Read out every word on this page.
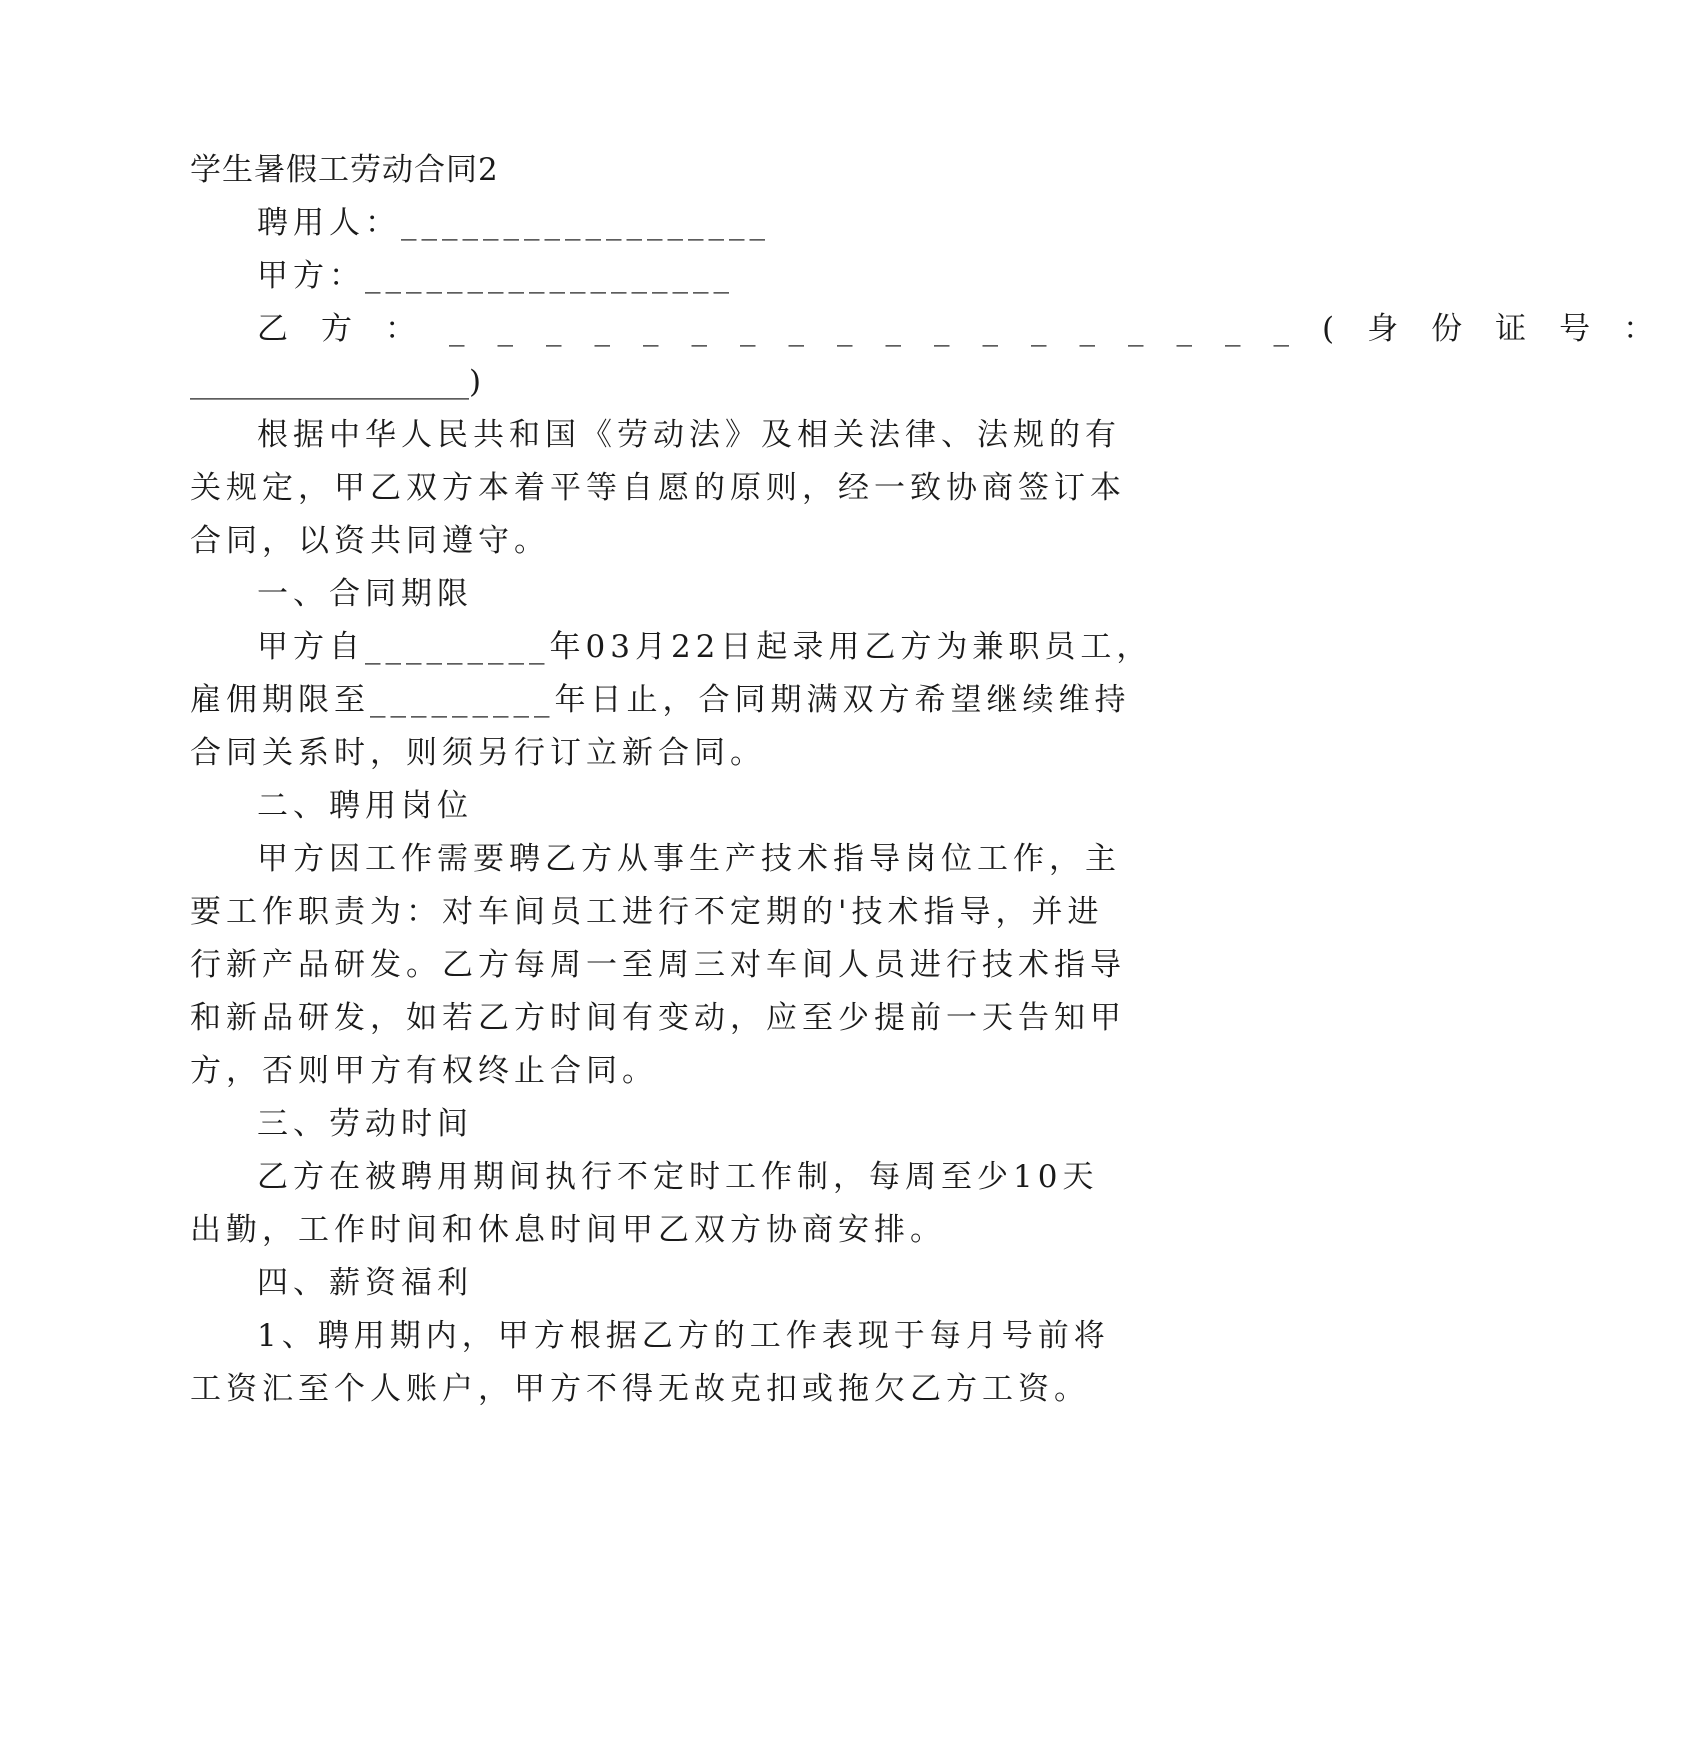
学生暑假工劳动合同2
聘用人：__________________
甲方：__________________
乙方：__________________(身份证号：
__________________)
根据中华人民共和国《劳动法》及相关法律、法规的有
关规定，甲乙双方本着平等自愿的原则，经一致协商签订本
合同，以资共同遵守。
一、合同期限
甲方自_________年03月22日起录用乙方为兼职员工，
雇佣期限至_________年日止，合同期满双方希望继续维持
合同关系时，则须另行订立新合同。
二、聘用岗位
甲方因工作需要聘乙方从事生产技术指导岗位工作，主
要工作职责为：对车间员工进行不定期的'技术指导，并进
行新产品研发。乙方每周一至周三对车间人员进行技术指导
和新品研发，如若乙方时间有变动，应至少提前一天告知甲
方，否则甲方有权终止合同。
三、劳动时间
乙方在被聘用期间执行不定时工作制，每周至少10天
出勤，工作时间和休息时间甲乙双方协商安排。
四、薪资福利
1、聘用期内，甲方根据乙方的工作表现于每月号前将
工资汇至个人账户，甲方不得无故克扣或拖欠乙方工资。
